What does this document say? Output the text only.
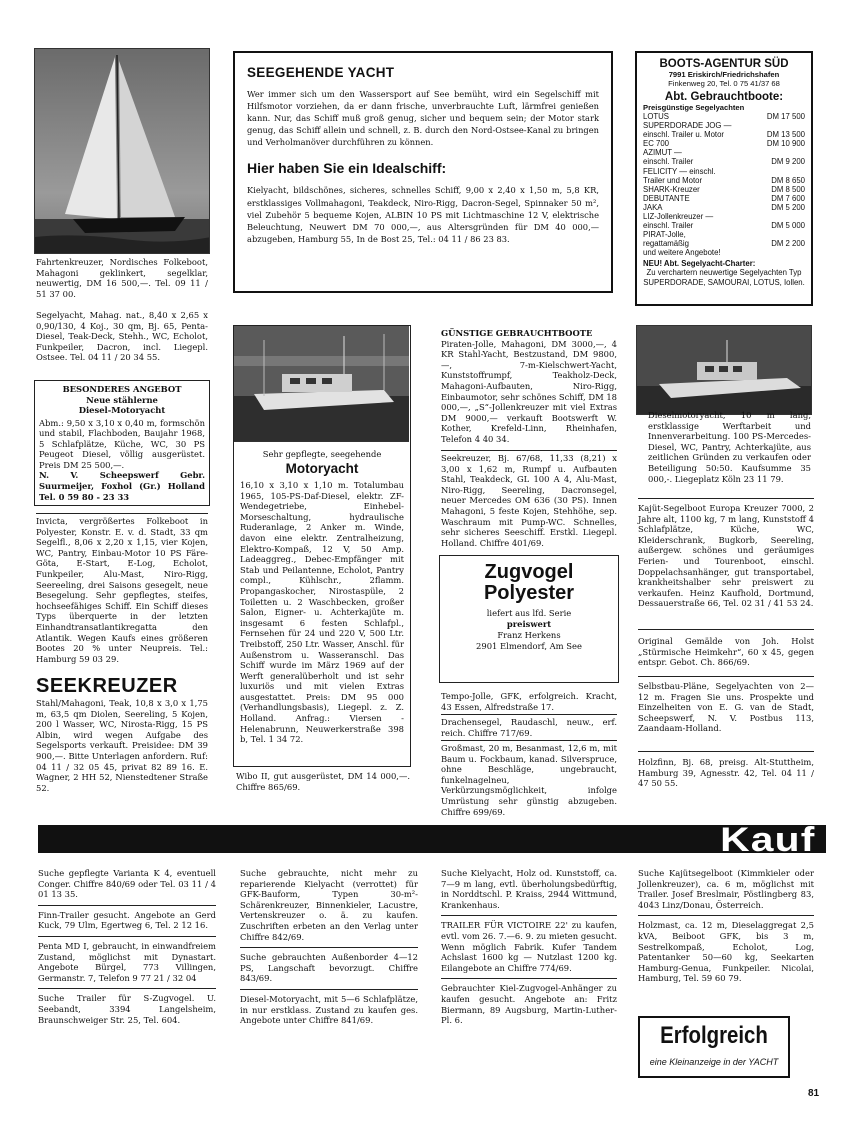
Fahrtenkreuzer, Nordisches Folkeboot, Mahagoni geklinkert, segelklar, neuwertig, DM 16 500,—. Tel. 09 11 / 51 37 00.
Segelyacht, Mahag. nat., 8,40 x 2,65 x 0,90/130, 4 Koj., 30 qm, Bj. 65, Penta-Diesel, Teak-Deck, Stehh., WC, Echolot, Funkpeiler, Dacron, incl. Liegepl. Ostsee. Tel. 04 11 / 20 34 55.
BESONDERES ANGEBOT
Neue stählerne
Diesel-Motoryacht
Abm.: 9,50 x 3,10 x 0,40 m, formschön und stabil, Flachboden, Baujahr 1968, 5 Schlafplätze, Küche, WC, 30 PS Peugeot Diesel, völlig ausgerüstet. Preis DM 25 500,—.
N. V. Scheepswerf Gebr. Suurmeijer, Foxhol (Gr.) Holland Tel. 0 59 80 - 23 33
Invicta, vergrößertes Folkeboot in Polyester, Konstr. E. v. d. Stadt, 33 qm Segelfl., 8,06 x 2,20 x 1,15, vier Kojen, WC, Pantry, Einbau-Motor 10 PS Färe-Göta, E-Start, E-Log, Echolot, Funkpeiler, Alu-Mast, Niro-Rigg, Seereeling, drei Saisons gesegelt, neue Besegelung. Sehr gepflegtes, steifes, hochseefähiges Schiff. Ein Schiff dieses Typs überquerte in der letzten Einhandtransatlantikregatta den Atlantik. Wegen Kaufs eines größeren Bootes 20 % unter Neupreis. Tel.: Hamburg 59 03 29.
SEEKREUZER
Stahl/Mahagoni, Teak, 10,8 x 3,0 x 1,75 m, 63,5 qm Diolen, Seereling, 5 Kojen, 200 l Wasser, WC, Nirosta-Rigg, 15 PS Albin, wird wegen Aufgabe des Segelsports verkauft. Preisidee: DM 39 900,—. Bitte Unterlagen anfordern. Ruf: 04 11 / 32 05 45, privat 82 89 16. E. Wagner, 2 HH 52, Nienstedtener Straße 52.
SEEGEHENDE YACHT
Wer immer sich um den Wassersport auf See bemüht, wird ein Segelschiff mit Hilfsmotor vorziehen, da er dann frische, unverbrauchte Luft, lärmfrei genießen kann. Nur, das Schiff muß groß genug, sicher und bequem sein; der Motor stark genug, das Schiff allein und schnell, z. B. durch den Nord-Ostsee-Kanal zu bringen und Verholmanöver durchführen zu können.
Hier haben Sie ein Idealschiff:
Kielyacht, bildschönes, sicheres, schnelles Schiff, 9,00 x 2,40 x 1,50 m, 5,8 KR, erstklassiges Vollmahagoni, Teakdeck, Niro-Rigg, Dacron-Segel, Spinnaker 50 m², viel Zubehör 5 bequeme Kojen, ALBIN 10 PS mit Lichtmaschine 12 V, elektrische Beleuchtung, Neuwert DM 70 000,—, aus Altersgründen für DM 40 000,— abzugeben, Hamburg 55, In de Bost 25, Tel.: 04 11 / 86 23 83.
Sehr gepflegte, seegehende
Motoryacht
16,10 x 3,10 x 1,10 m. Totalumbau 1965, 105-PS-Daf-Diesel, elektr. ZF-Wendegetriebe, Einhebel-Morseschaltung, hydraulische Ruderanlage, 2 Anker m. Winde, davon eine elektr. Zentralheizung, Elektro-Kompaß, 12 V, 50 Amp. Ladeaggreg., Debec-Empfänger mit Stab und Peilantenne, Echolot, Pantry compl., Kühlschr., 2flamm. Propangaskocher, Nirostaspüle, 2 Toiletten u. 2 Waschbecken, großer Salon, Eigner- u. Achterkajüte m. insgesamt 6 festen Schlafpl., Fernsehen für 24 und 220 V, 500 Ltr. Treibstoff, 250 Ltr. Wasser, Anschl. für Außenstrom u. Wasseranschl. Das Schiff wurde im März 1969 auf der Werft generalüberholt und ist sehr luxuriös und mit vielen Extras ausgestattet. Preis: DM 95 000 (Verhandlungsbasis), Liegepl. z. Z. Holland. Anfrag.: Viersen - Helenabrunn, Neuwerkerstraße 398 b, Tel. 1 34 72.
Wibo II, gut ausgerüstet, DM 14 000,—. Chiffre 865/69.
GÜNSTIGE GEBRAUCHTBOOTE
Piraten-Jolle, Mahagoni, DM 3000,—, 4 KR Stahl-Yacht, Bestzustand, DM 9800,—, 7-m-Kielschwert-Yacht, Kunststoffrumpf, Teakholz-Deck, Mahagoni-Aufbauten, Niro-Rigg, Einbaumotor, sehr schönes Schiff, DM 18 000,—, „S“-Jollenkreuzer mit viel Extras DM 9000,— verkauft Bootswerft W. Kother, Krefeld-Linn, Rheinhafen, Telefon 4 40 34.
Seekreuzer, Bj. 67/68, 11,33 (8,21) x 3,00 x 1,62 m, Rumpf u. Aufbauten Stahl, Teakdeck, GL 100 A 4, Alu-Mast, Niro-Rigg, Seereling, Dacronsegel, neuer Mercedes OM 636 (30 PS). Innen Mahagoni, 5 feste Kojen, Stehhöhe, sep. Waschraum mit Pump-WC. Schnelles, sehr sicheres Seeschiff. Erstkl. Liegepl. Holland. Chiffre 401/69.
Zugvogel
Polyester
liefert aus lfd. Serie
preiswert
Franz Herkens
2901 Elmendorf, Am See
Tempo-Jolle, GFK, erfolgreich. Kracht, 43 Essen, Alfredstraße 17.
Drachensegel, Raudaschl, neuw., erf. reich. Chiffre 717/69.
Großmast, 20 m, Besanmast, 12,6 m, mit Baum u. Fockbaum, kanad. Silverspruce, ohne Beschläge, ungebraucht, funkelnagelneu, Verkürzungsmöglichkeit, infolge Umrüstung sehr günstig abzugeben. Chiffre 699/69.
BOOTS-AGENTUR SÜD
7991 Eriskirch/Friedrichshafen
Finkenweg 20, Tel. 0 75 41/37 68
Abt. Gebrauchtboote:
Preisgünstige Segelyachten
LOTUS	DM 17 500
SUPERDORADE JOG —
einschl. Trailer u. Motor	DM 13 500
EC 700	DM 10 900
AZIMUT —
einschl. Trailer	DM 9 200
FELICITY — einschl.
Trailer und Motor	DM 8 650
SHARK-Kreuzer	DM 8 500
DEBUTANTE	DM 7 600
JAKA	DM 5 200
LIZ-Jollenkreuzer —
einschl. Trailer	DM 5 000
PIRAT-Jolle,
regattamäßig	DM 2 200
und weitere Angebote!
NEU! Abt. Segelyacht-Charter:
Zu verchartern neuwertige Segelyachten Typ SUPERDORADE, SAMOURAI, LOTUS, Iollen.
Dieselmotoryacht, 10 m lang, erstklassige Werftarbeit und Innenverarbeitung. 100 PS-Mercedes-Diesel, WC, Pantry, Achterkajüte, aus zeitlichen Gründen zu verkaufen oder Beteiligung 50:50. Kaufsumme 35 000,-. Liegeplatz Köln 23 11 79.
Kajüt-Segelboot Europa Kreuzer 7000, 2 Jahre alt, 1100 kg, 7 m lang, Kunststoff 4 Schlafplätze, Küche, WC, Kleiderschrank, Bugkorb, Seereling, außergew. schönes und geräumiges Ferien- und Tourenboot, einschl. Doppelachsanhänger, gut transportabel, krankheitshalber sehr preiswert zu verkaufen. Heinz Kaufhold, Dortmund, Dessauerstraße 66, Tel. 02 31 / 41 53 24.
Original Gemälde von Joh. Holst „Stürmische Heimkehr“, 60 x 45, gegen entspr. Gebot. Ch. 866/69.
Selbstbau-Pläne, Segelyachten von 2—12 m. Fragen Sie uns. Prospekte und Einzelheiten von E. G. van de Stadt, Scheepswerf, N. V. Postbus 113, Zaandaam-Holland.
Holzfinn, Bj. 68, preisg. Alt-Stuttheim, Hamburg 39, Agnesstr. 42, Tel. 04 11 / 47 50 55.
Kauf
Suche gepflegte Varianta K 4, eventuell Conger. Chiffre 840/69 oder Tel. 03 11 / 4 01 13 35.
Finn-Trailer gesucht. Angebote an Gerd Kuck, 79 Ulm, Egertweg 6, Tel. 2 12 16.
Penta MD I, gebraucht, in einwandfreiem Zustand, möglichst mit Dynastart. Angebote Bürgel, 773 Villingen, Germanstr. 7, Telefon 9 77 21 / 32 04
Suche Trailer für S-Zugvogel. U. Seebandt, 3394 Langelsheim, Braunschweiger Str. 25, Tel. 604.
Suche gebrauchte, nicht mehr zu reparierende Kielyacht (verrottet) für GFK-Bauform, Typen 30-m²-Schärenkreuzer, Binnenkieler, Lacustre, Vertenskreuzer o. ä. zu kaufen. Zuschriften erbeten an den Verlag unter Chiffre 842/69.
Suche gebrauchten Außenborder 4—12 PS, Langschaft bevorzugt. Chiffre 843/69.
Diesel-Motoryacht, mit 5—6 Schlafplätze, in nur erstklass. Zustand zu kaufen ges. Angebote unter Chiffre 841/69.
Suche Kielyacht, Holz od. Kunststoff, ca. 7—9 m lang, evtl. überholungsbedürftig, in Norddtschl. P. Kraiss, 2944 Wittmund, Krankenhaus.
TRAILER FÜR VICTOIRE 22' zu kaufen, evtl. vom 26. 7.—6. 9. zu mieten gesucht. Wenn möglich Fabrik. Kufer Tandem Achslast 1600 kg — Nutzlast 1200 kg. Eilangebote an Chiffre 774/69.
Gebrauchter Kiel-Zugvogel-Anhänger zu kaufen gesucht. Angebote an: Fritz Biermann, 89 Augsburg, Martin-Luther-Pl. 6.
Suche Kajütsegelboot (Kimmkieler oder Jollenkreuzer), ca. 6 m, möglichst mit Trailer. Josef Breslmair, Pöstlingberg 83, 4043 Linz/Donau, Österreich.
Holzmast, ca. 12 m, Dieselaggregat 2,5 kVA, Beiboot GFK, bis 3 m, Sestrelkompaß, Echolot, Log, Patentanker 50—60 kg, Seekarten Hamburg-Genua, Funkpeiler. Nicolai, Hamburg, Tel. 59 60 79.
Erfolgreich
eine Kleinanzeige in der YACHT
81
